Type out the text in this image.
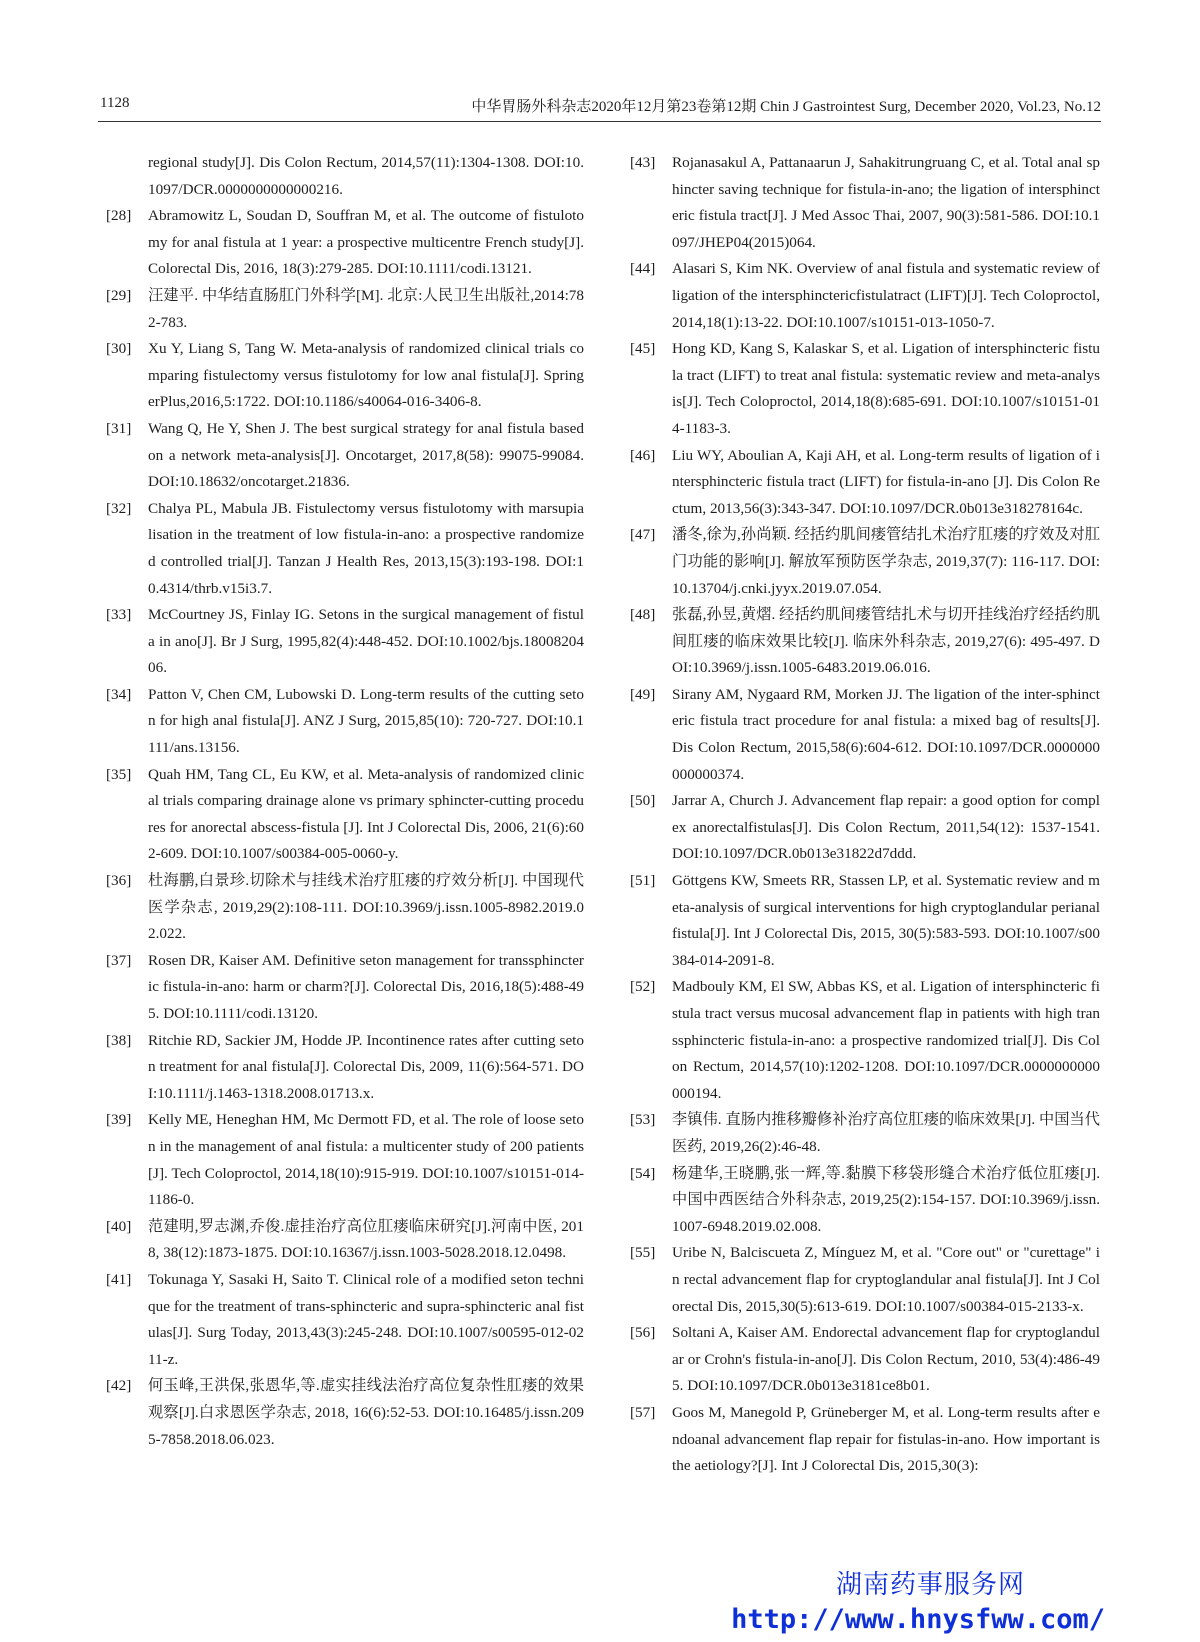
1128	中华胃肠外科杂志2020年12月第23卷第12期 Chin J Gastrointest Surg, December 2020, Vol.23, No.12
regional study[J]. Dis Colon Rectum, 2014,57(11):1304-1308. DOI:10.1097/DCR.0000000000000216.
[28] Abramowitz L, Soudan D, Souffran M, et al. The outcome of fistulotomy for anal fistula at 1 year: a prospective multicentre French study[J]. Colorectal Dis, 2016, 18(3):279-285. DOI:10.1111/codi.13121.
[29] 汪建平. 中华结直肠肛门外科学[M]. 北京:人民卫生出版社,2014:782-783.
[30] Xu Y, Liang S, Tang W. Meta-analysis of randomized clinical trials comparing fistulectomy versus fistulotomy for low anal fistula[J]. SpringerPlus,2016,5:1722. DOI:10.1186/s40064-016-3406-8.
[31] Wang Q, He Y, Shen J. The best surgical strategy for anal fistula based on a network meta-analysis[J]. Oncotarget, 2017,8(58): 99075-99084. DOI:10.18632/oncotarget.21836.
[32] Chalya PL, Mabula JB. Fistulectomy versus fistulotomy with marsupialisation in the treatment of low fistula-in-ano: a prospective randomized controlled trial[J]. Tanzan J Health Res, 2013,15(3):193-198. DOI:10.4314/thrb.v15i3.7.
[33] McCourtney JS, Finlay IG. Setons in the surgical management of fistula in ano[J]. Br J Surg, 1995,82(4):448-452. DOI:10.1002/bjs.1800820406.
[34] Patton V, Chen CM, Lubowski D. Long-term results of the cutting seton for high anal fistula[J]. ANZ J Surg, 2015,85(10): 720-727. DOI:10.1111/ans.13156.
[35] Quah HM, Tang CL, Eu KW, et al. Meta-analysis of randomized clinical trials comparing drainage alone vs primary sphincter-cutting procedures for anorectal abscess-fistula [J]. Int J Colorectal Dis, 2006, 21(6):602-609. DOI:10.1007/s00384-005-0060-y.
[36] 杜海鹏,白景珍.切除术与挂线术治疗肛瘘的疗效分析[J]. 中国现代医学杂志, 2019,29(2):108-111. DOI:10.3969/j.issn.1005-8982.2019.02.022.
[37] Rosen DR, Kaiser AM. Definitive seton management for transsphincteric fistula-in-ano: harm or charm?[J]. Colorectal Dis, 2016,18(5):488-495. DOI:10.1111/codi.13120.
[38] Ritchie RD, Sackier JM, Hodde JP. Incontinence rates after cutting seton treatment for anal fistula[J]. Colorectal Dis, 2009, 11(6):564-571. DOI:10.1111/j.1463-1318.2008.01713.x.
[39] Kelly ME, Heneghan HM, Mc Dermott FD, et al. The role of loose seton in the management of anal fistula: a multicenter study of 200 patients[J]. Tech Coloproctol, 2014,18(10):915-919. DOI:10.1007/s10151-014-1186-0.
[40] 范建明,罗志渊,乔俊.虚挂治疗高位肛瘘临床研究[J].河南中医, 2018, 38(12):1873-1875. DOI:10.16367/j.issn.1003-5028.2018.12.0498.
[41] Tokunaga Y, Sasaki H, Saito T. Clinical role of a modified seton technique for the treatment of trans-sphincteric and supra-sphincteric anal fistulas[J]. Surg Today, 2013,43(3):245-248. DOI:10.1007/s00595-012-0211-z.
[42] 何玉峰,王洪保,张恩华,等.虚实挂线法治疗高位复杂性肛瘘的效果观察[J].白求恩医学杂志, 2018, 16(6):52-53. DOI:10.16485/j.issn.2095-7858.2018.06.023.
[43] Rojanasakul A, Pattanaarun J, Sahakitrungruang C, et al. Total anal sphincter saving technique for fistula-in-ano; the ligation of intersphincteric fistula tract[J]. J Med Assoc Thai, 2007, 90(3):581-586. DOI:10.1097/JHEP04(2015)064.
[44] Alasari S, Kim NK. Overview of anal fistula and systematic review of ligation of the intersphinctericfistulatract (LIFT)[J]. Tech Coloproctol, 2014,18(1):13-22. DOI:10.1007/s10151-013-1050-7.
[45] Hong KD, Kang S, Kalaskar S, et al. Ligation of intersphincteric fistula tract (LIFT) to treat anal fistula: systematic review and meta-analysis[J]. Tech Coloproctol, 2014,18(8):685-691. DOI:10.1007/s10151-014-1183-3.
[46] Liu WY, Aboulian A, Kaji AH, et al. Long-term results of ligation of intersphincteric fistula tract (LIFT) for fistula-in-ano [J]. Dis Colon Rectum, 2013,56(3):343-347. DOI:10.1097/DCR.0b013e318278164c.
[47] 潘冬,徐为,孙尚颖. 经括约肌间瘘管结扎术治疗肛瘘的疗效及对肛门功能的影响[J]. 解放军预防医学杂志, 2019,37(7): 116-117. DOI:10.13704/j.cnki.jyyx.2019.07.054.
[48] 张磊,孙昱,黄熠. 经括约肌间瘘管结扎术与切开挂线治疗经括约肌间肛瘘的临床效果比较[J]. 临床外科杂志, 2019,27(6): 495-497. DOI:10.3969/j.issn.1005-6483.2019.06.016.
[49] Sirany AM, Nygaard RM, Morken JJ. The ligation of the inter-sphincteric fistula tract procedure for anal fistula: a mixed bag of results[J]. Dis Colon Rectum, 2015,58(6):604-612. DOI:10.1097/DCR.0000000000000374.
[50] Jarrar A, Church J. Advancement flap repair: a good option for complex anorectalfistulas[J]. Dis Colon Rectum, 2011,54(12): 1537-1541. DOI:10.1097/DCR.0b013e31822d7ddd.
[51] Göttgens KW, Smeets RR, Stassen LP, et al. Systematic review and meta-analysis of surgical interventions for high cryptoglandular perianal fistula[J]. Int J Colorectal Dis, 2015, 30(5):583-593. DOI:10.1007/s00384-014-2091-8.
[52] Madbouly KM, El SW, Abbas KS, et al. Ligation of intersphincteric fistula tract versus mucosal advancement flap in patients with high transsphincteric fistula-in-ano: a prospective randomized trial[J]. Dis Colon Rectum, 2014,57(10):1202-1208. DOI:10.1097/DCR.0000000000000194.
[53] 李镇伟. 直肠内推移瓣修补治疗高位肛瘘的临床效果[J]. 中国当代医药, 2019,26(2):46-48.
[54] 杨建华,王晓鹏,张一辉,等.黏膜下移袋形缝合术治疗低位肛瘘[J].中国中西医结合外科杂志, 2019,25(2):154-157. DOI:10.3969/j.issn.1007-6948.2019.02.008.
[55] Uribe N, Balciscueta Z, Mínguez M, et al. "Core out" or "curettage" in rectal advancement flap for cryptoglandular anal fistula[J]. Int J Colorectal Dis, 2015,30(5):613-619. DOI:10.1007/s00384-015-2133-x.
[56] Soltani A, Kaiser AM. Endorectal advancement flap for cryptoglandular or Crohn's fistula-in-ano[J]. Dis Colon Rectum, 2010, 53(4):486-495. DOI:10.1097/DCR.0b013e3181ce8b01.
[57] Goos M, Manegold P, Grüneberger M, et al. Long-term results after endoanal advancement flap repair for fistulas-in-ano. How important is the aetiology?[J]. Int J Colorectal Dis, 2015,30(3):
湖南药事服务网
http://www.hnysfww.com/
